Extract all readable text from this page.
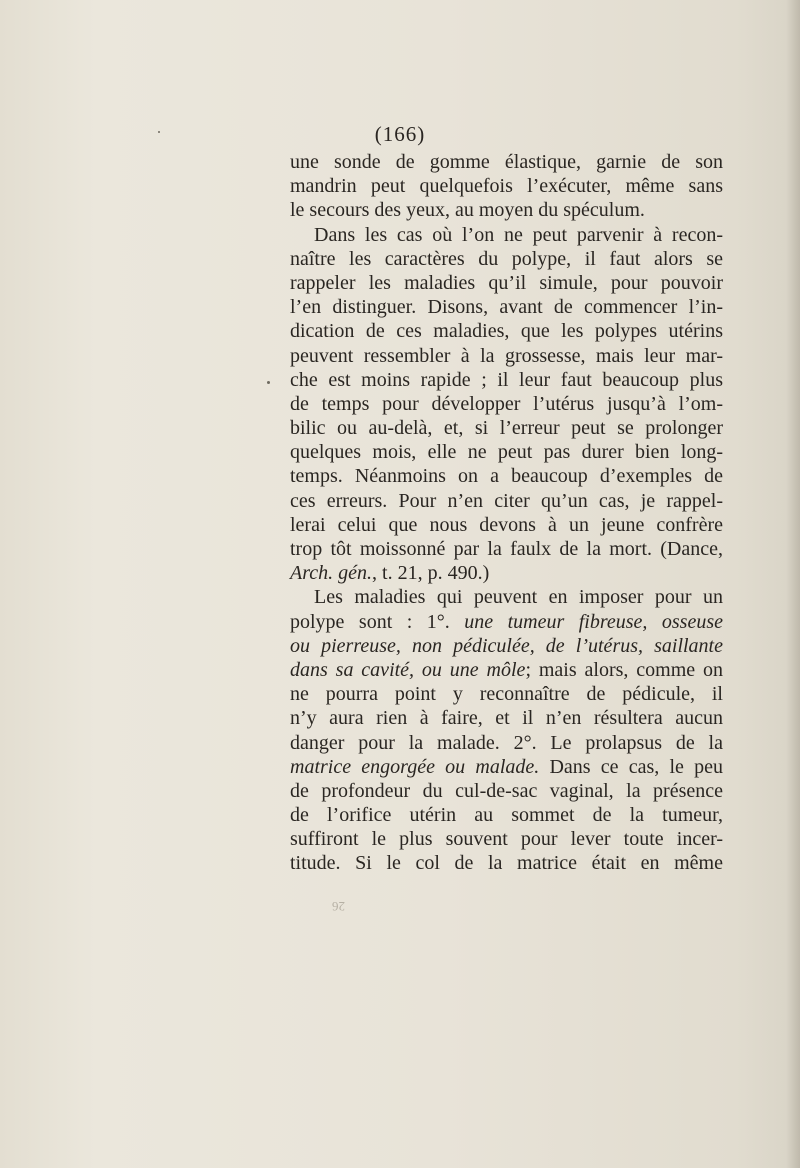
(166)
une sonde de gomme élastique, garnie de son
mandrin peut quelquefois l’exécuter, même sans
le secours des yeux, au moyen du spéculum.
Dans les cas où l’on ne peut parvenir à recon-
naître les caractères du polype, il faut alors se
rappeler les maladies qu’il simule, pour pouvoir
l’en distinguer. Disons, avant de commencer l’in-
dication de ces maladies, que les polypes utérins
peuvent ressembler à la grossesse, mais leur mar-
che est moins rapide ; il leur faut beaucoup plus
de temps pour développer l’utérus jusqu’à l’om-
bilic ou au-delà, et, si l’erreur peut se prolonger
quelques mois, elle ne peut pas durer bien long-
temps. Néanmoins on a beaucoup d’exemples de
ces erreurs. Pour n’en citer qu’un cas, je rappel-
lerai celui que nous devons à un jeune confrère
trop tôt moissonné par la faulx de la mort. (Dance,
Arch. gén., t. 21, p. 490.)
Les maladies qui peuvent en imposer pour un
polype sont : 1°. une tumeur fibreuse, osseuse
ou pierreuse, non pédiculée, de l’utérus, saillante
dans sa cavité, ou une môle; mais alors, comme on
ne pourra point y reconnaître de pédicule, il
n’y aura rien à faire, et il n’en résultera aucun
danger pour la malade. 2°. Le prolapsus de la
matrice engorgée ou malade. Dans ce cas, le peu
de profondeur du cul-de-sac vaginal, la présence
de l’orifice utérin au sommet de la tumeur,
suffiront le plus souvent pour lever toute incer-
titude. Si le col de la matrice était en même
26
